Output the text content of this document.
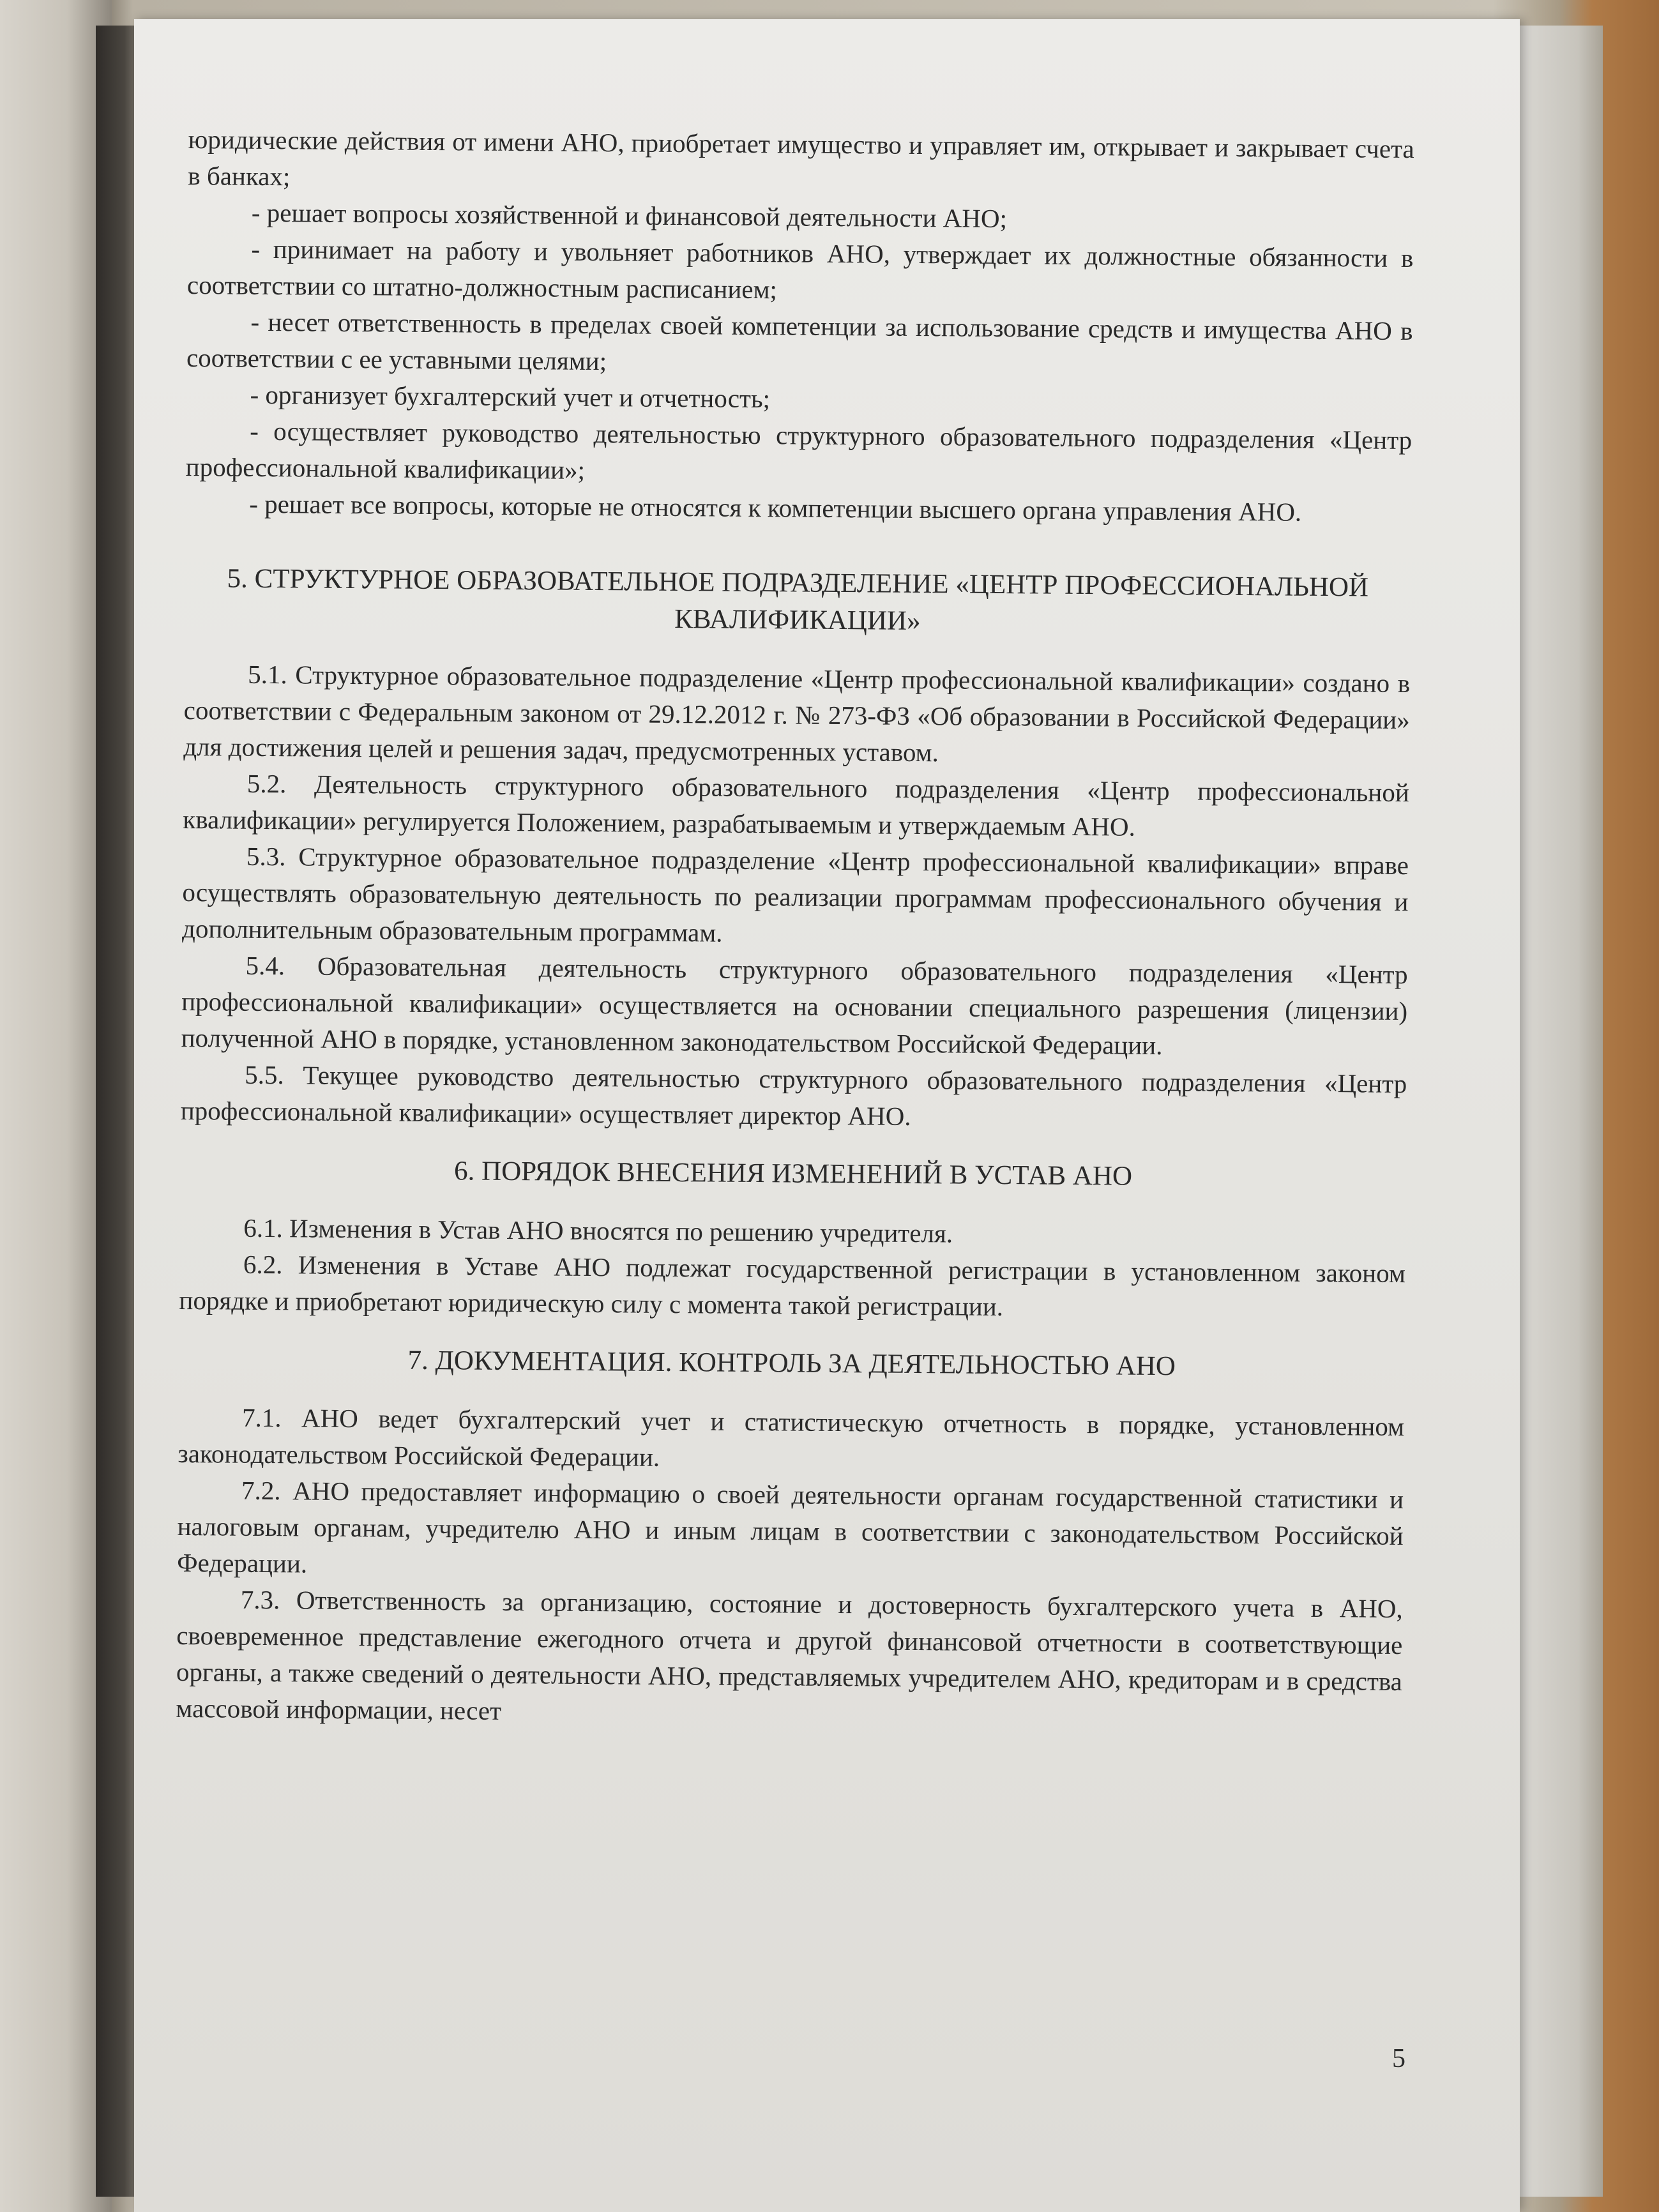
юридические действия от имени АНО, приобретает имущество и управляет им, открывает и закрывает счета в банках;

- решает вопросы хозяйственной и финансовой деятельности АНО;

- принимает на работу и увольняет работников АНО, утверждает их должностные обязанности в соответствии со штатно-должностным расписанием;

- несет ответственность в пределах своей компетенции за использование средств и имущества АНО в соответствии с ее уставными целями;

- организует бухгалтерский учет и отчетность;

- осуществляет руководство деятельностью структурного образовательного подразделения «Центр профессиональной квалификации»;

- решает все вопросы, которые не относятся к компетенции высшего органа управления АНО.

5. СТРУКТУРНОЕ ОБРАЗОВАТЕЛЬНОЕ ПОДРАЗДЕЛЕНИЕ «ЦЕНТР ПРОФЕССИОНАЛЬНОЙ КВАЛИФИКАЦИИ»

5.1. Структурное образовательное подразделение «Центр профессиональной квалификации» создано в соответствии с Федеральным законом от 29.12.2012 г. № 273-ФЗ «Об образовании в Российской Федерации» для достижения целей и решения задач, предусмотренных уставом.

5.2. Деятельность структурного образовательного подразделения «Центр профессиональной квалификации» регулируется Положением, разрабатываемым и утверждаемым АНО.

5.3. Структурное образовательное подразделение «Центр профессиональной квалификации» вправе осуществлять образовательную деятельность по реализации программам профессионального обучения и дополнительным образовательным программам.

5.4. Образовательная деятельность структурного образовательного подразделения «Центр профессиональной квалификации» осуществляется на основании специального разрешения (лицензии) полученной АНО в порядке, установленном законодательством Российской Федерации.

5.5. Текущее руководство деятельностью структурного образовательного подразделения «Центр профессиональной квалификации» осуществляет директор АНО.

6. ПОРЯДОК ВНЕСЕНИЯ ИЗМЕНЕНИЙ В УСТАВ АНО

6.1. Изменения в Устав АНО вносятся по решению учредителя.

6.2. Изменения в Уставе АНО подлежат государственной регистрации в установленном законом порядке и приобретают юридическую силу с момента такой регистрации.

7. ДОКУМЕНТАЦИЯ. КОНТРОЛЬ ЗА ДЕЯТЕЛЬНОСТЬЮ АНО

7.1. АНО ведет бухгалтерский учет и статистическую отчетность в порядке, установленном законодательством Российской Федерации.

7.2. АНО предоставляет информацию о своей деятельности органам государственной статистики и налоговым органам, учредителю АНО и иным лицам в соответствии с законодательством Российской Федерации.

7.3. Ответственность за организацию, состояние и достоверность бухгалтерского учета в АНО, своевременное представление ежегодного отчета и другой финансовой отчетности в соответствующие органы, а также сведений о деятельности АНО, представляемых учредителем АНО, кредиторам и в средства массовой информации, несет

5
